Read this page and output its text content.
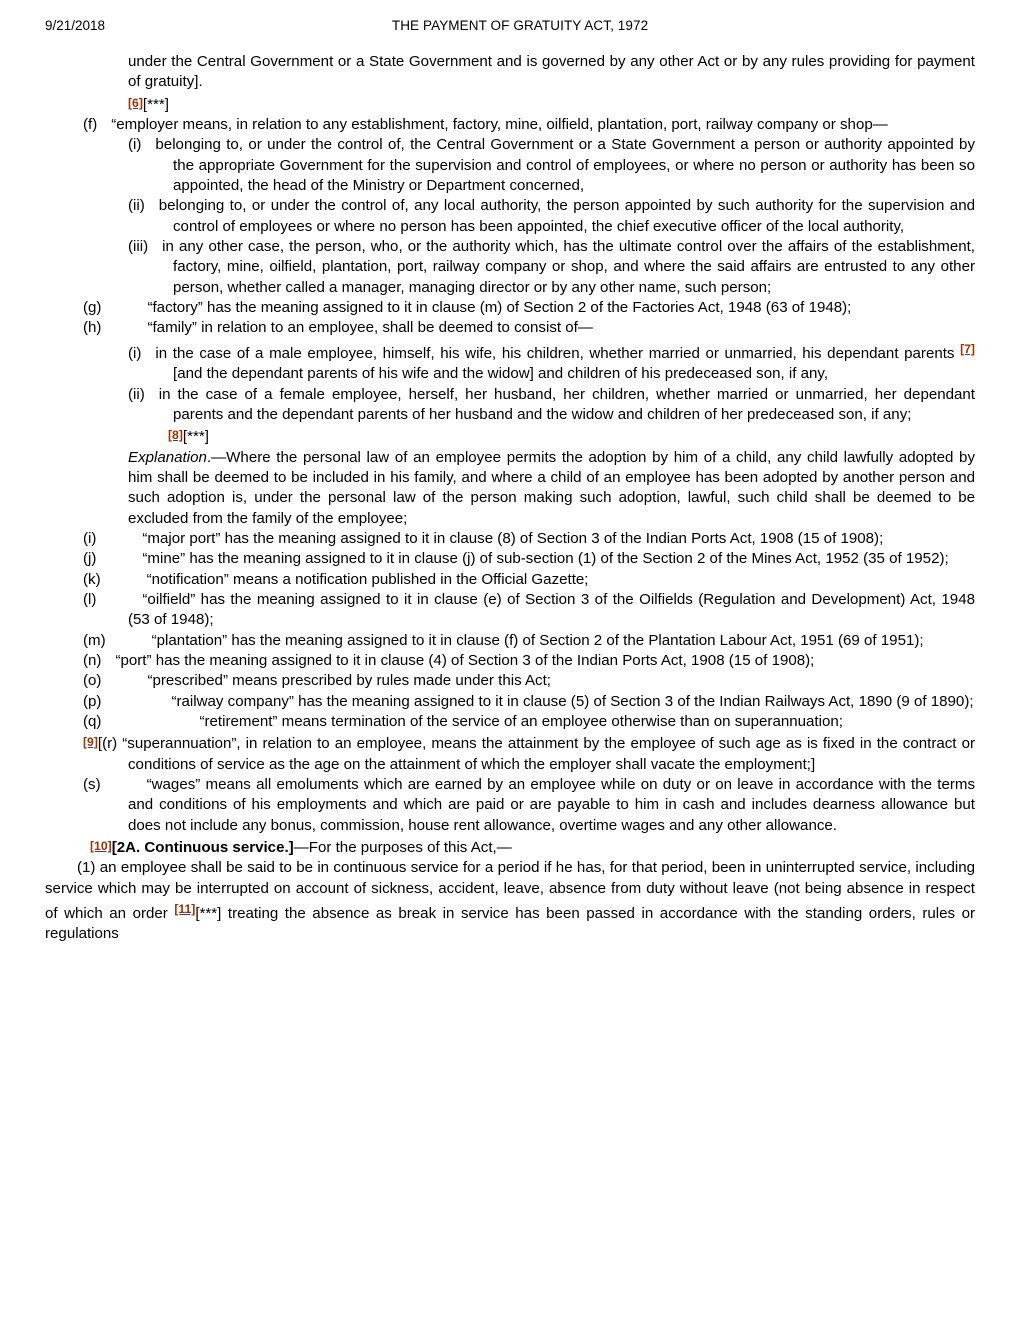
9/21/2018	THE PAYMENT OF GRATUITY ACT, 1972

under the Central Government or a State Government and is governed by any other Act or by any rules providing for payment of gratuity].

[6][***]

(f) “employer means, in relation to any establishment, factory, mine, oilfield, plantation, port, railway company or shop—

(i) belonging to, or under the control of, the Central Government or a State Government a person or authority appointed by the appropriate Government for the supervision and control of employees, or where no person or authority has been so appointed, the head of the Ministry or Department concerned,

(ii) belonging to, or under the control of, any local authority, the person appointed by such authority for the supervision and control of employees or where no person has been appointed, the chief executive officer of the local authority,

(iii) in any other case, the person, who, or the authority which, has the ultimate control over the affairs of the establishment, factory, mine, oilfield, plantation, port, railway company or shop, and where the said affairs are entrusted to any other person, whether called a manager, managing director or by any other name, such person;

(g)	“factory” has the meaning assigned to it in clause (m) of Section 2 of the Factories Act, 1948 (63 of 1948);

(h)	“family” in relation to an employee, shall be deemed to consist of—

(i) in the case of a male employee, himself, his wife, his children, whether married or unmarried, his dependant parents [7][and the dependant parents of his wife and the widow] and children of his predeceased son, if any,

(ii) in the case of a female employee, herself, her husband, her children, whether married or unmarried, her dependant parents and the dependant parents of her husband and the widow and children of her predeceased son, if any;

[8][***]

Explanation.—Where the personal law of an employee permits the adoption by him of a child, any child lawfully adopted by him shall be deemed to be included in his family, and where a child of an employee has been adopted by another person and such adoption is, under the personal law of the person making such adoption, lawful, such child shall be deemed to be excluded from the family of the employee;

(i)	“major port” has the meaning assigned to it in clause (8) of Section 3 of the Indian Ports Act, 1908 (15 of 1908);

(j)	“mine” has the meaning assigned to it in clause (j) of sub-section (1) of the Section 2 of the Mines Act, 1952 (35 of 1952);

(k)	“notification” means a notification published in the Official Gazette;

(l)	“oilfield” has the meaning assigned to it in clause (e) of Section 3 of the Oilfields (Regulation and Development) Act, 1948 (53 of 1948);

(m)	“plantation” has the meaning assigned to it in clause (f) of Section 2 of the Plantation Labour Act, 1951 (69 of 1951);

(n) “port” has the meaning assigned to it in clause (4) of Section 3 of the Indian Ports Act, 1908 (15 of 1908);

(o)	“prescribed” means prescribed by rules made under this Act;

(p)	“railway company” has the meaning assigned to it in clause (5) of Section 3 of the Indian Railways Act, 1890 (9 of 1890);

(q)	“retirement” means termination of the service of an employee otherwise than on superannuation;

[9][(r) “superannuation”, in relation to an employee, means the attainment by the employee of such age as is fixed in the contract or conditions of service as the age on the attainment of which the employer shall vacate the employment;]

(s)	“wages” means all emoluments which are earned by an employee while on duty or on leave in accordance with the terms and conditions of his employments and which are paid or are payable to him in cash and includes dearness allowance but does not include any bonus, commission, house rent allowance, overtime wages and any other allowance.

[10][2A. Continuous service.]—For the purposes of this Act,—

(1) an employee shall be said to be in continuous service for a period if he has, for that period, been in uninterrupted service, including service which may be interrupted on account of sickness, accident, leave, absence from duty without leave (not being absence in respect of which an order [11][***] treating the absence as break in service has been passed in accordance with the standing orders, rules or regulations
